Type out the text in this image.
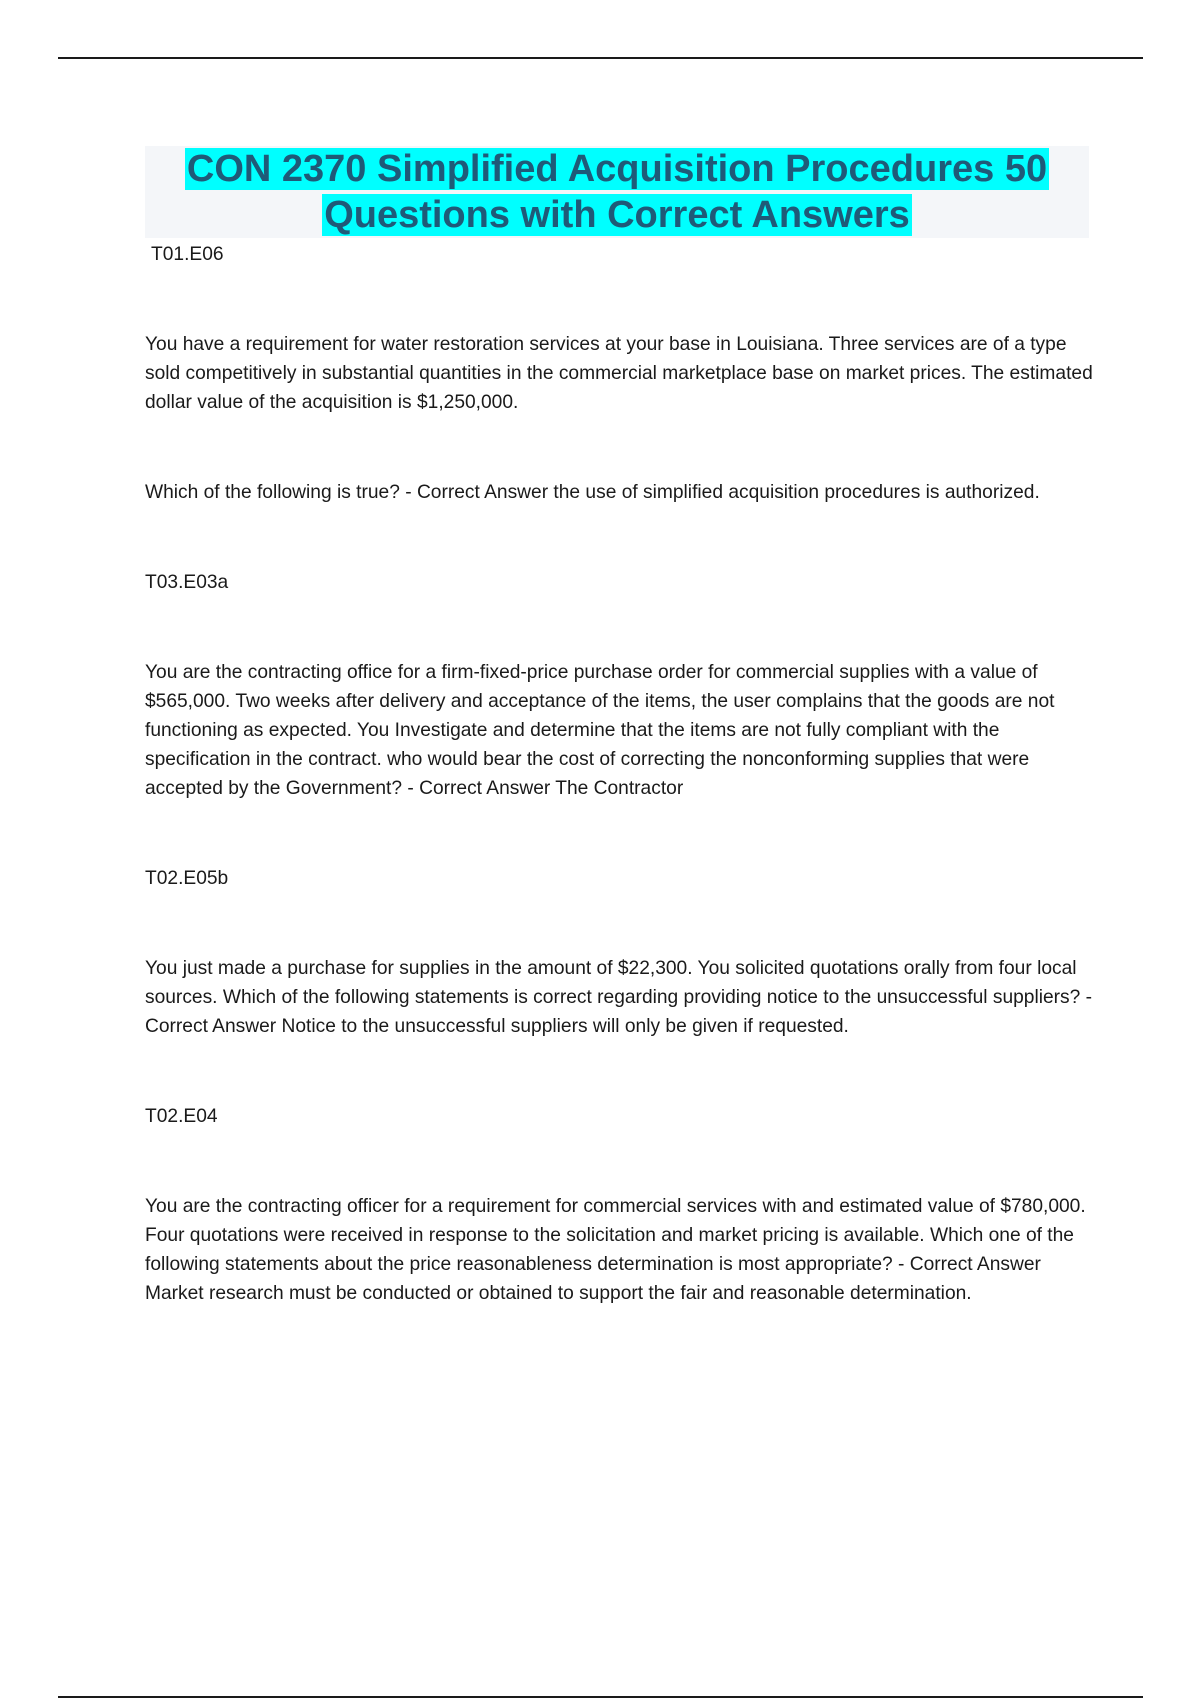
CON 2370 Simplified Acquisition Procedures 50
Questions with Correct Answers

T01.E06

You have a requirement for water restoration services at your base in Louisiana. Three services are of a type sold competitively in substantial quantities in the commercial marketplace base on market prices. The estimated dollar value of the acquisition is $1,250,000.

Which of the following is true? - Correct Answer the use of simplified acquisition procedures is authorized.

T03.E03a

You are the contracting office for a firm-fixed-price purchase order for commercial supplies with a value of $565,000. Two weeks after delivery and acceptance of the items, the user complains that the goods are not functioning as expected. You Investigate and determine that the items are not fully compliant with the specification in the contract. who would bear the cost of correcting the nonconforming supplies that were accepted by the Government? - Correct Answer The Contractor

T02.E05b

You just made a purchase for supplies in the amount of $22,300. You solicited quotations orally from four local sources. Which of the following statements is correct regarding providing notice to the unsuccessful suppliers? - Correct Answer Notice to the unsuccessful suppliers will only be given if requested.

T02.E04

You are the contracting officer for a requirement for commercial services with and estimated value of $780,000. Four quotations were received in response to the solicitation and market pricing is available. Which one of the following statements about the price reasonableness determination is most appropriate? - Correct Answer Market research must be conducted or obtained to support the fair and reasonable determination.
